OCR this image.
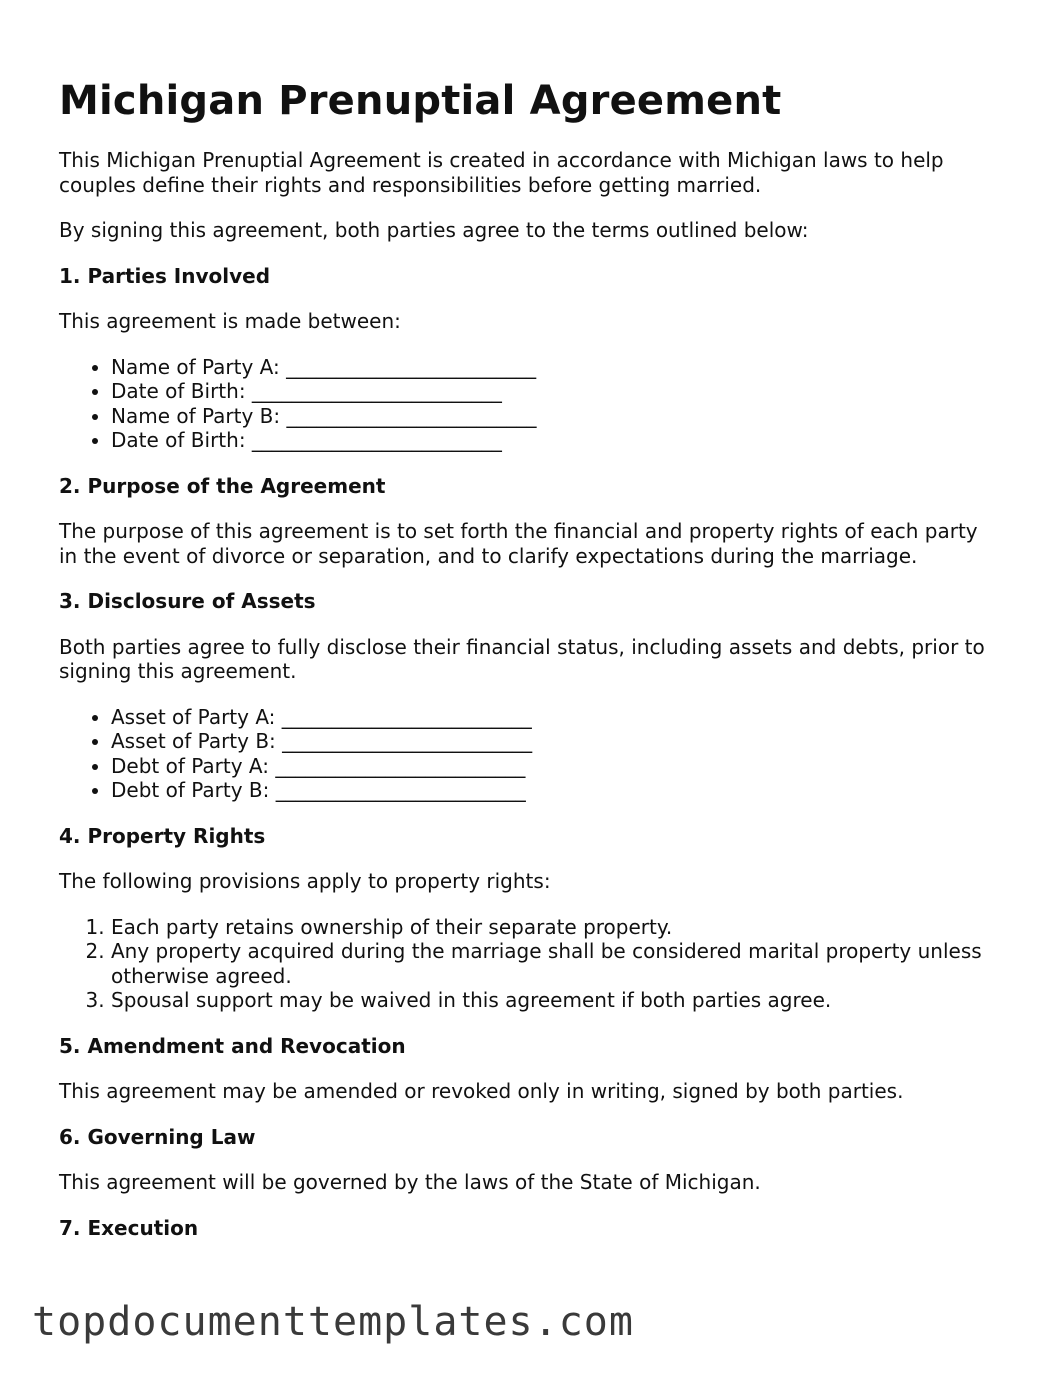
Michigan Prenuptial Agreement

This Michigan Prenuptial Agreement is created in accordance with Michigan laws to help couples define their rights and responsibilities before getting married.

By signing this agreement, both parties agree to the terms outlined below:

1. Parties Involved

This agreement is made between:

• Name of Party A: _________________________
• Date of Birth: _________________________
• Name of Party B: _________________________
• Date of Birth: _________________________
2. Purpose of the Agreement

The purpose of this agreement is to set forth the financial and property rights of each party in the event of divorce or separation, and to clarify expectations during the marriage.

3. Disclosure of Assets

Both parties agree to fully disclose their financial status, including assets and debts, prior to signing this agreement.

• Asset of Party A: _________________________
• Asset of Party B: _________________________
• Debt of Party A: _________________________
• Debt of Party B: _________________________
4. Property Rights

The following provisions apply to property rights:

1. Each party retains ownership of their separate property.
2. Any property acquired during the marriage shall be considered marital property unless otherwise agreed.
3. Spousal support may be waived in this agreement if both parties agree.
5. Amendment and Revocation

This agreement may be amended or revoked only in writing, signed by both parties.

6. Governing Law

This agreement will be governed by the laws of the State of Michigan.

7. Execution
topdocumenttemplates.com
